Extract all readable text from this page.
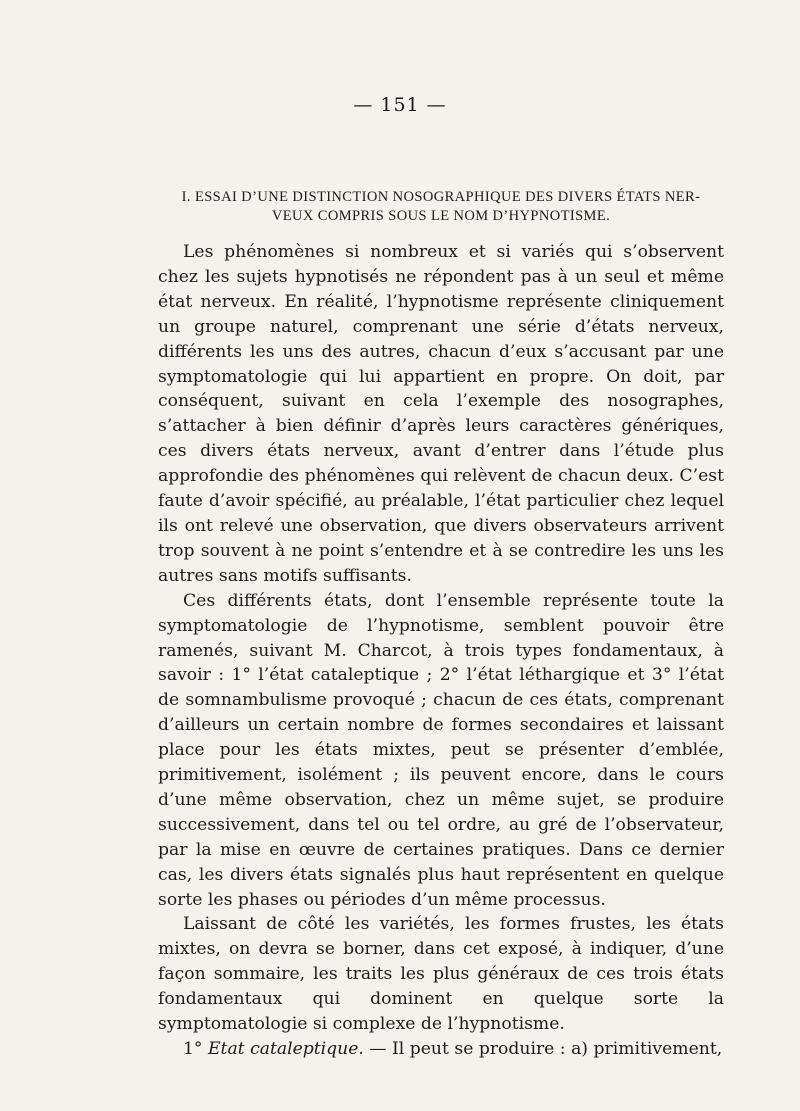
— 151 —
I. ESSAI D’UNE DISTINCTION NOSOGRAPHIQUE DES DIVERS ÉTATS NER-
VEUX COMPRIS SOUS LE NOM D’HYPNOTISME.

Les phénomènes si nombreux et si variés qui s’observent chez les sujets hypnotisés ne répondent pas à un seul et même état nerveux. En réalité, l’hypnotisme représente cliniquement un groupe naturel, comprenant une série d’états nerveux, différents les uns des autres, chacun d’eux s’accusant par une symptomatologie qui lui appartient en propre. On doit, par conséquent, suivant en cela l’exemple des nosographes, s’attacher à bien définir d’après leurs caractères génériques, ces divers états nerveux, avant d’entrer dans l’étude plus approfondie des phénomènes qui relèvent de chacun deux. C’est faute d’avoir spécifié, au préalable, l’état particulier chez lequel ils ont relevé une observation, que divers observateurs arrivent trop souvent à ne point s’entendre et à se contredire les uns les autres sans motifs suffisants.

Ces différents états, dont l’ensemble représente toute la symptomatologie de l’hypnotisme, semblent pouvoir être ramenés, suivant M. Charcot, à trois types fondamentaux, à savoir : 1° l’état cataleptique ; 2° l’état léthargique et 3° l’état de somnambulisme provoqué ; chacun de ces états, comprenant d’ailleurs un certain nombre de formes secondaires et laissant place pour les états mixtes, peut se présenter d’emblée, primitivement, isolément ; ils peuvent encore, dans le cours d’une même observation, chez un même sujet, se produire successivement, dans tel ou tel ordre, au gré de l’observateur, par la mise en œuvre de certaines pratiques. Dans ce dernier cas, les divers états signalés plus haut représentent en quelque sorte les phases ou périodes d’un même processus.

Laissant de côté les variétés, les formes frustes, les états mixtes, on devra se borner, dans cet exposé, à indiquer, d’une façon sommaire, les traits les plus généraux de ces trois états fondamentaux qui dominent en quelque sorte la symptomatologie si complexe de l’hypnotisme.

1° Etat cataleptique. — Il peut se produire : a) primitivement,
